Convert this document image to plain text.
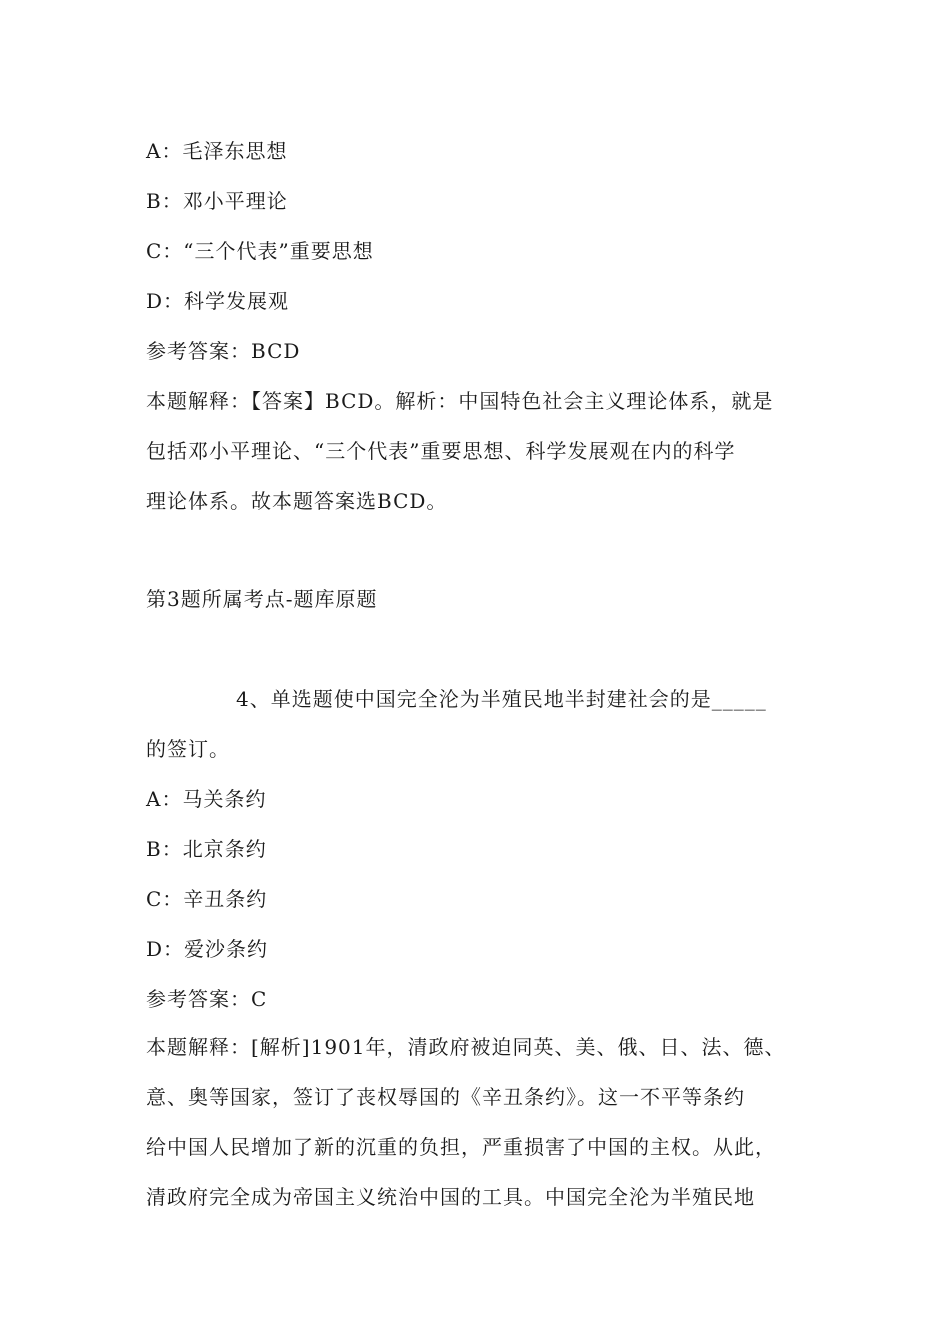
A：毛泽东思想
B：邓小平理论
C：“三个代表”重要思想
D：科学发展观
参考答案：BCD
本题解释：【答案】BCD。解析：中国特色社会主义理论体系，就是
包括邓小平理论、“三个代表”重要思想、科学发展观在内的科学
理论体系。故本题答案选BCD。
第3题所属考点-题库原题
4、单选题使中国完全沦为半殖民地半封建社会的是_____
的签订。
A：马关条约
B：北京条约
C：辛丑条约
D：爱沙条约
参考答案：C
本题解释：[解析]1901年，清政府被迫同英、美、俄、日、法、德、
意、奥等国家，签订了丧权辱国的《辛丑条约》。这一不平等条约
给中国人民增加了新的沉重的负担，严重损害了中国的主权。从此，
清政府完全成为帝国主义统治中国的工具。中国完全沦为半殖民地
